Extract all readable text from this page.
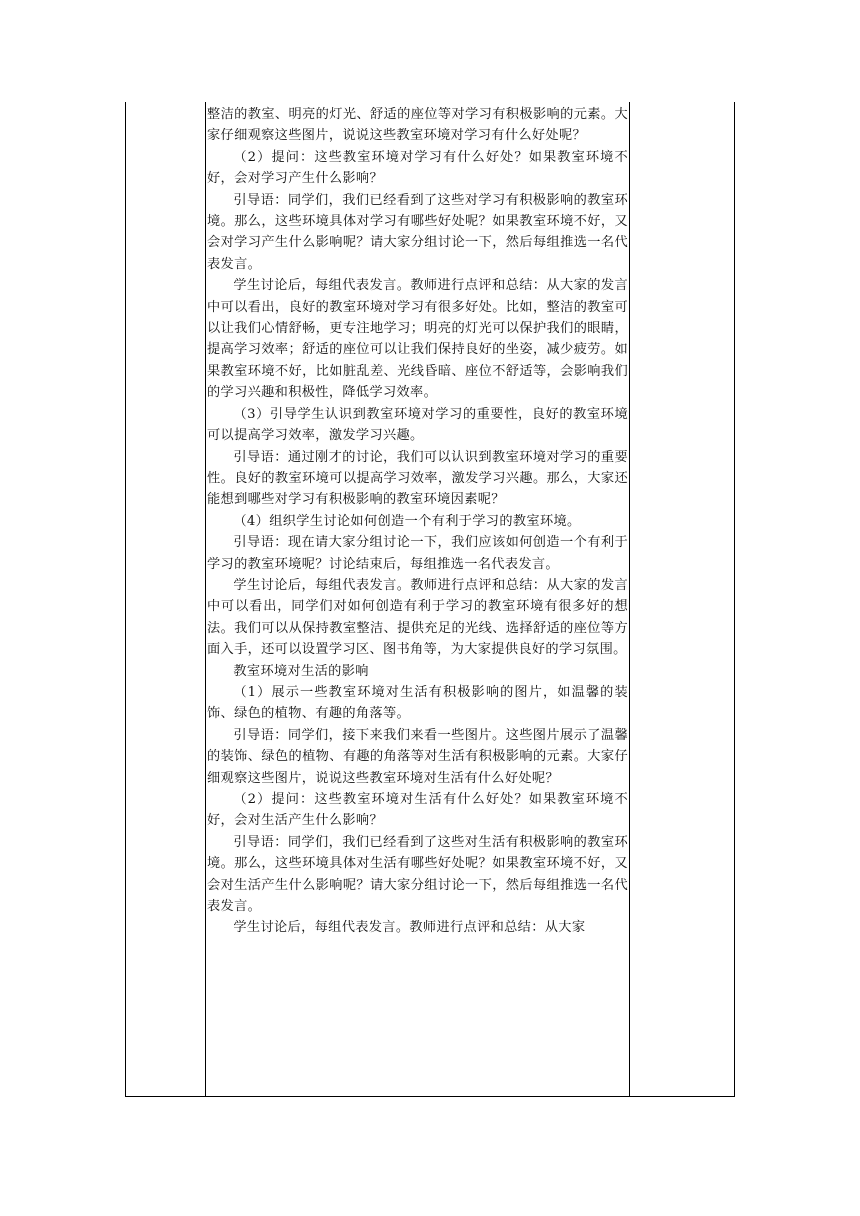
整洁的教室、明亮的灯光、舒适的座位等对学习有积极影响的元素。大家仔细观察这些图片，说说这些教室环境对学习有什么好处呢？

（2）提问：这些教室环境对学习有什么好处？如果教室环境不好，会对学习产生什么影响？

引导语：同学们，我们已经看到了这些对学习有积极影响的教室环境。那么，这些环境具体对学习有哪些好处呢？如果教室环境不好，又会对学习产生什么影响呢？请大家分组讨论一下，然后每组推选一名代表发言。

学生讨论后，每组代表发言。教师进行点评和总结：从大家的发言中可以看出，良好的教室环境对学习有很多好处。比如，整洁的教室可以让我们心情舒畅，更专注地学习；明亮的灯光可以保护我们的眼睛，提高学习效率；舒适的座位可以让我们保持良好的坐姿，减少疲劳。如果教室环境不好，比如脏乱差、光线昏暗、座位不舒适等，会影响我们的学习兴趣和积极性，降低学习效率。

（3）引导学生认识到教室环境对学习的重要性，良好的教室环境可以提高学习效率，激发学习兴趣。

引导语：通过刚才的讨论，我们可以认识到教室环境对学习的重要性。良好的教室环境可以提高学习效率，激发学习兴趣。那么，大家还能想到哪些对学习有积极影响的教室环境因素呢？

（4）组织学生讨论如何创造一个有利于学习的教室环境。

引导语：现在请大家分组讨论一下，我们应该如何创造一个有利于学习的教室环境呢？讨论结束后，每组推选一名代表发言。

学生讨论后，每组代表发言。教师进行点评和总结：从大家的发言中可以看出，同学们对如何创造有利于学习的教室环境有很多好的想法。我们可以从保持教室整洁、提供充足的光线、选择舒适的座位等方面入手，还可以设置学习区、图书角等，为大家提供良好的学习氛围。

教室环境对生活的影响

（1）展示一些教室环境对生活有积极影响的图片，如温馨的装饰、绿色的植物、有趣的角落等。

引导语：同学们，接下来我们来看一些图片。这些图片展示了温馨的装饰、绿色的植物、有趣的角落等对生活有积极影响的元素。大家仔细观察这些图片，说说这些教室环境对生活有什么好处呢？

（2）提问：这些教室环境对生活有什么好处？如果教室环境不好，会对生活产生什么影响？

引导语：同学们，我们已经看到了这些对生活有积极影响的教室环境。那么，这些环境具体对生活有哪些好处呢？如果教室环境不好，又会对生活产生什么影响呢？请大家分组讨论一下，然后每组推选一名代表发言。

学生讨论后，每组代表发言。教师进行点评和总结：从大家
